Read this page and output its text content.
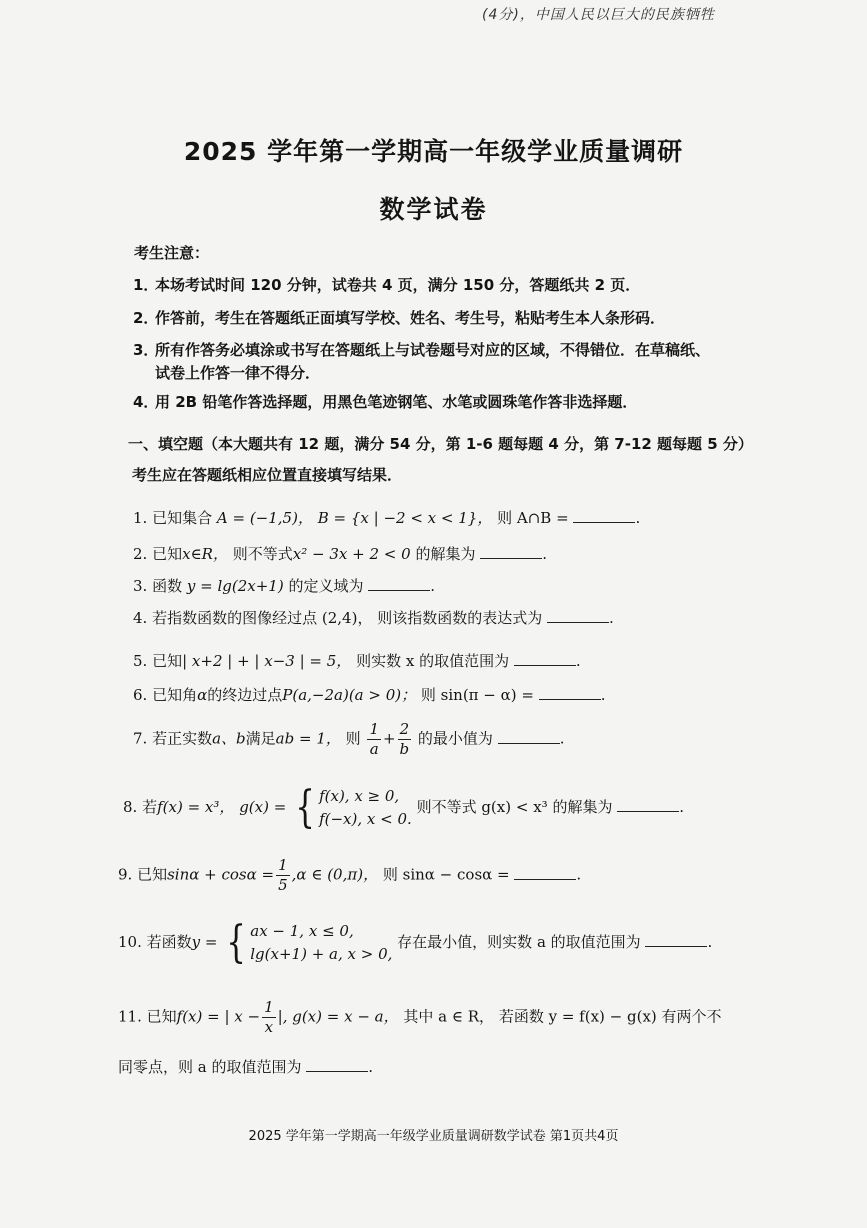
(4分)，中国人民以巨大的民族牺牲
2025 学年第一学期高一年级学业质量调研
数学试卷
考生注意：
1．本场考试时间 120 分钟，试卷共 4 页，满分 150 分，答题纸共 2 页．
2．作答前，考生在答题纸正面填写学校、姓名、考生号，粘贴考生本人条形码．
3．所有作答务必填涂或书写在答题纸上与试卷题号对应的区域，不得错位．在草稿纸、
试卷上作答一律不得分．
4．用 2B 铅笔作答选择题，用黑色笔迹钢笔、水笔或圆珠笔作答非选择题．
一、填空题（本大题共有 12 题，满分 54 分，第 1-6 题每题 4 分，第 7-12 题每题 5 分）
考生应在答题纸相应位置直接填写结果．
1. 已知集合 A = (−1,5)， B = {x | −2 < x < 1}， 则 A∩B =	.
2. 已知x∈R， 则不等式x² − 3x + 2 < 0 的解集为	.
3. 函数 y = lg(2x+1) 的定义域为	.
4. 若指数函数的图像经过点 (2,4)， 则该指数函数的表达式为	.
5. 已知| x+2 | + | x−3 | = 5， 则实数 x 的取值范围为	.
6. 已知角α的终边过点P(a,−2a)(a > 0)； 则 sin(π − α) =	.
7. 若正实数a、b满足ab = 1， 则 $\frac{1}{a} + \frac{2}{b}$ 的最小值为	.
8. 若f(x) = x³， g(x) = { f(x), x ≥ 0,
f(−x), x < 0.
则不等式 g(x) < x³ 的解集为	.
9. 已知$\sin\alpha + \cos\alpha = \frac{1}{5} ,\alpha$ ∈ (0,π)， 则 sinα − cosα =	.
10. 若函数y = { ax − 1, x ≤ 0,
lg(x+1) + a, x > 0,
存在最小值，则实数 a 的取值范围为	.
11. 已知f(x) = | $x - \frac{1}{x}$ |, g(x) = x − a， 其中 a ∈ R， 若函数 y = f(x) − g(x) 有两个不
同零点，则 a 的取值范围为	.
2025 学年第一学期高一年级学业质量调研数学试卷 第1页共4页
